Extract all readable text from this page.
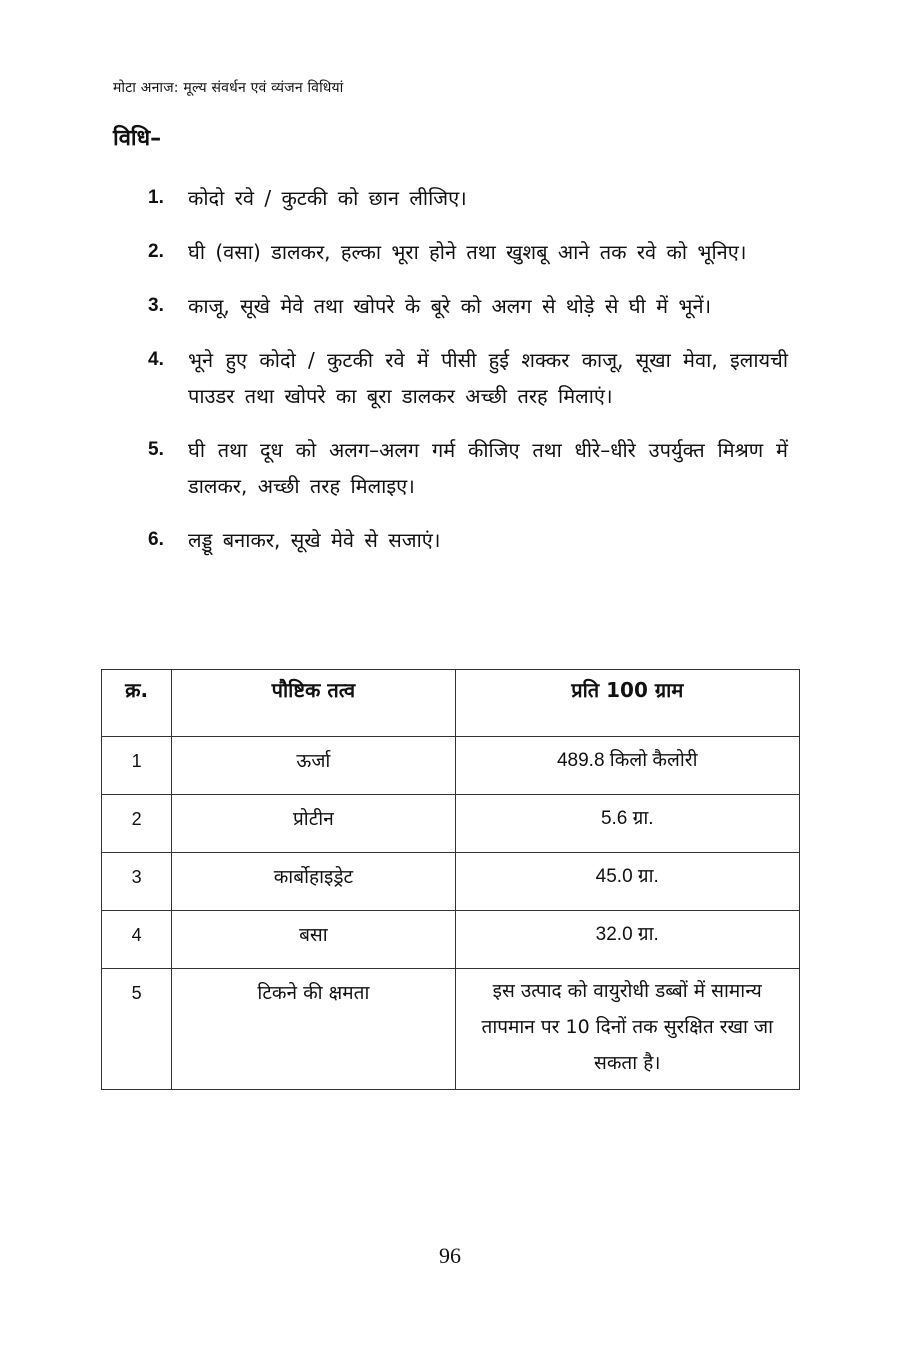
मोटा अनाज: मूल्य संवर्धन एवं व्यंजन विधियां
विधि–
1.	कोदो रवे / कुटकी को छान लीजिए।
2.	घी (वसा) डालकर, हल्का भूरा होने तथा खुशबू आने तक रवे को भूनिए।
3.	काजू, सूखे मेवे तथा खोपरे के बूरे को अलग से थोड़े से घी में भूनें।
4.	भूने हुए कोदो / कुटकी रवे में पीसी हुई शक्कर काजू, सूखा मेवा, इलायची पाउडर तथा खोपरे का बूरा डालकर अच्छी तरह मिलाएं।
5.	घी तथा दूध को अलग–अलग गर्म कीजिए तथा धीरे–धीरे उपर्युक्त मिश्रण में डालकर, अच्छी तरह मिलाइए।
6.	लड्डू बनाकर, सूखे मेवे से सजाएं।
क्र.	पौष्टिक तत्व	प्रति 100 ग्राम
1	ऊर्जा	489.8 किलो कैलोरी
2	प्रोटीन	5.6 ग्रा.
3	कार्बोहाइड्रेट	45.0 ग्रा.
4	बसा	32.0 ग्रा.
5	टिकने की क्षमता	इस उत्पाद को वायुरोधी डब्बों में सामान्य तापमान पर 10 दिनों तक सुरक्षित रखा जा सकता है।
96
